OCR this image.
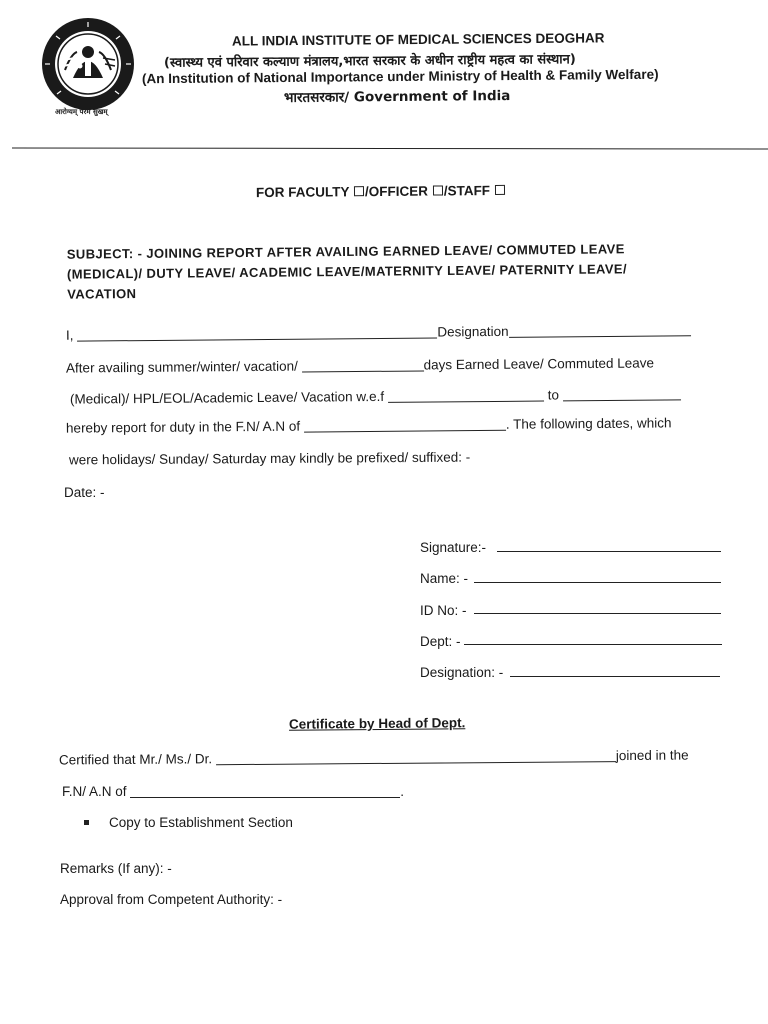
आरोग्यम् परमं सुखम्
ALL INDIA INSTITUTE OF MEDICAL SCIENCES DEOGHAR
(स्वास्थ्य एवं परिवार कल्याण मंत्रालय,भारत सरकार के अधीन राष्ट्रीय महत्व का संस्थान)
(An Institution of National Importance under Ministry of Health & Family Welfare)
भारतसरकार/ Government of India
FOR FACULTY /OFFICER /STAFF
SUBJECT: - JOINING REPORT AFTER AVAILING EARNED LEAVE/ COMMUTED LEAVE
(MEDICAL)/ DUTY LEAVE/ ACADEMIC LEAVE/MATERNITY LEAVE/ PATERNITY LEAVE/
VACATION
I,	Designation
After availing summer/winter/ vacation/	days Earned Leave/ Commuted Leave
(Medical)/ HPL/EOL/Academic Leave/ Vacation w.e.f	to
hereby report for duty in the F.N/ A.N of	. The following dates, which
were holidays/ Sunday/ Saturday may kindly be prefixed/ suffixed: -
Date: -
Signature:-
Name: -
ID No: -
Dept: -
Designation: -
Certificate by Head of Dept.
Certified that Mr./ Ms./ Dr.	joined in the
F.N/ A.N of	.
Copy to Establishment Section
Remarks (If any): -
Approval from Competent Authority: -
